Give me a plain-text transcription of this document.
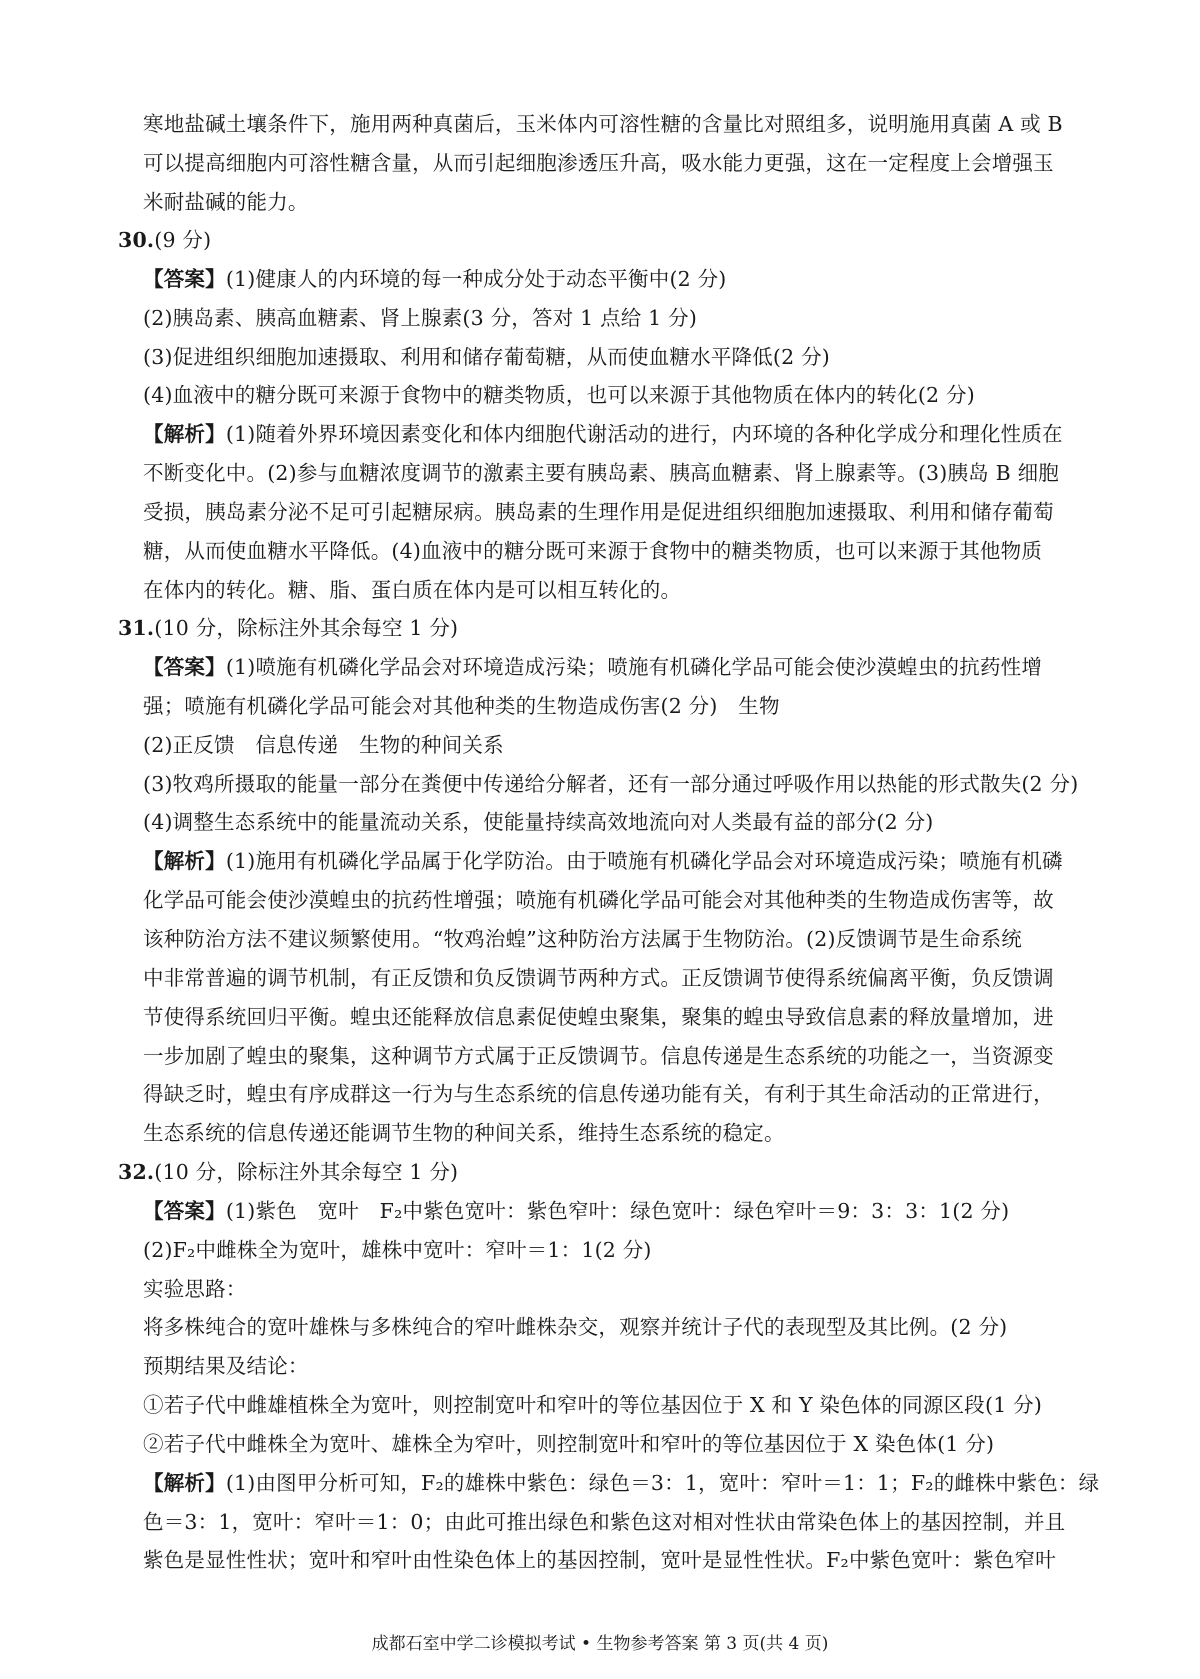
寒地盐碱土壤条件下，施用两种真菌后，玉米体内可溶性糖的含量比对照组多，说明施用真菌 A 或 B
可以提高细胞内可溶性糖含量，从而引起细胞渗透压升高，吸水能力更强，这在一定程度上会增强玉
米耐盐碱的能力。
30.(9 分)
【答案】(1)健康人的内环境的每一种成分处于动态平衡中(2 分)
(2)胰岛素、胰高血糖素、肾上腺素(3 分，答对 1 点给 1 分)
(3)促进组织细胞加速摄取、利用和储存葡萄糖，从而使血糖水平降低(2 分)
(4)血液中的糖分既可来源于食物中的糖类物质，也可以来源于其他物质在体内的转化(2 分)
【解析】(1)随着外界环境因素变化和体内细胞代谢活动的进行，内环境的各种化学成分和理化性质在
不断变化中。(2)参与血糖浓度调节的激素主要有胰岛素、胰高血糖素、肾上腺素等。(3)胰岛 B 细胞
受损，胰岛素分泌不足可引起糖尿病。胰岛素的生理作用是促进组织细胞加速摄取、利用和储存葡萄
糖，从而使血糖水平降低。(4)血液中的糖分既可来源于食物中的糖类物质，也可以来源于其他物质
在体内的转化。糖、脂、蛋白质在体内是可以相互转化的。
31.(10 分，除标注外其余每空 1 分)
【答案】(1)喷施有机磷化学品会对环境造成污染；喷施有机磷化学品可能会使沙漠蝗虫的抗药性增
强；喷施有机磷化学品可能会对其他种类的生物造成伤害(2 分)　生物
(2)正反馈　信息传递　生物的种间关系
(3)牧鸡所摄取的能量一部分在粪便中传递给分解者，还有一部分通过呼吸作用以热能的形式散失(2 分)
(4)调整生态系统中的能量流动关系，使能量持续高效地流向对人类最有益的部分(2 分)
【解析】(1)施用有机磷化学品属于化学防治。由于喷施有机磷化学品会对环境造成污染；喷施有机磷
化学品可能会使沙漠蝗虫的抗药性增强；喷施有机磷化学品可能会对其他种类的生物造成伤害等，故
该种防治方法不建议频繁使用。“牧鸡治蝗”这种防治方法属于生物防治。(2)反馈调节是生命系统
中非常普遍的调节机制，有正反馈和负反馈调节两种方式。正反馈调节使得系统偏离平衡，负反馈调
节使得系统回归平衡。蝗虫还能释放信息素促使蝗虫聚集，聚集的蝗虫导致信息素的释放量增加，进
一步加剧了蝗虫的聚集，这种调节方式属于正反馈调节。信息传递是生态系统的功能之一，当资源变
得缺乏时，蝗虫有序成群这一行为与生态系统的信息传递功能有关，有利于其生命活动的正常进行，
生态系统的信息传递还能调节生物的种间关系，维持生态系统的稳定。
32.(10 分，除标注外其余每空 1 分)
【答案】(1)紫色　宽叶　F₂中紫色宽叶：紫色窄叶：绿色宽叶：绿色窄叶＝9：3：3：1(2 分)
(2)F₂中雌株全为宽叶，雄株中宽叶：窄叶＝1：1(2 分)
实验思路：
将多株纯合的宽叶雄株与多株纯合的窄叶雌株杂交，观察并统计子代的表现型及其比例。(2 分)
预期结果及结论：
①若子代中雌雄植株全为宽叶，则控制宽叶和窄叶的等位基因位于 X 和 Y 染色体的同源区段(1 分)
②若子代中雌株全为宽叶、雄株全为窄叶，则控制宽叶和窄叶的等位基因位于 X 染色体(1 分)
【解析】(1)由图甲分析可知，F₂的雄株中紫色：绿色＝3：1，宽叶：窄叶＝1：1；F₂的雌株中紫色：绿
色＝3：1，宽叶：窄叶＝1：0；由此可推出绿色和紫色这对相对性状由常染色体上的基因控制，并且
紫色是显性性状；宽叶和窄叶由性染色体上的基因控制，宽叶是显性性状。F₂中紫色宽叶：紫色窄叶
成都石室中学二诊模拟考试 • 生物参考答案 第 3 页(共 4 页)
